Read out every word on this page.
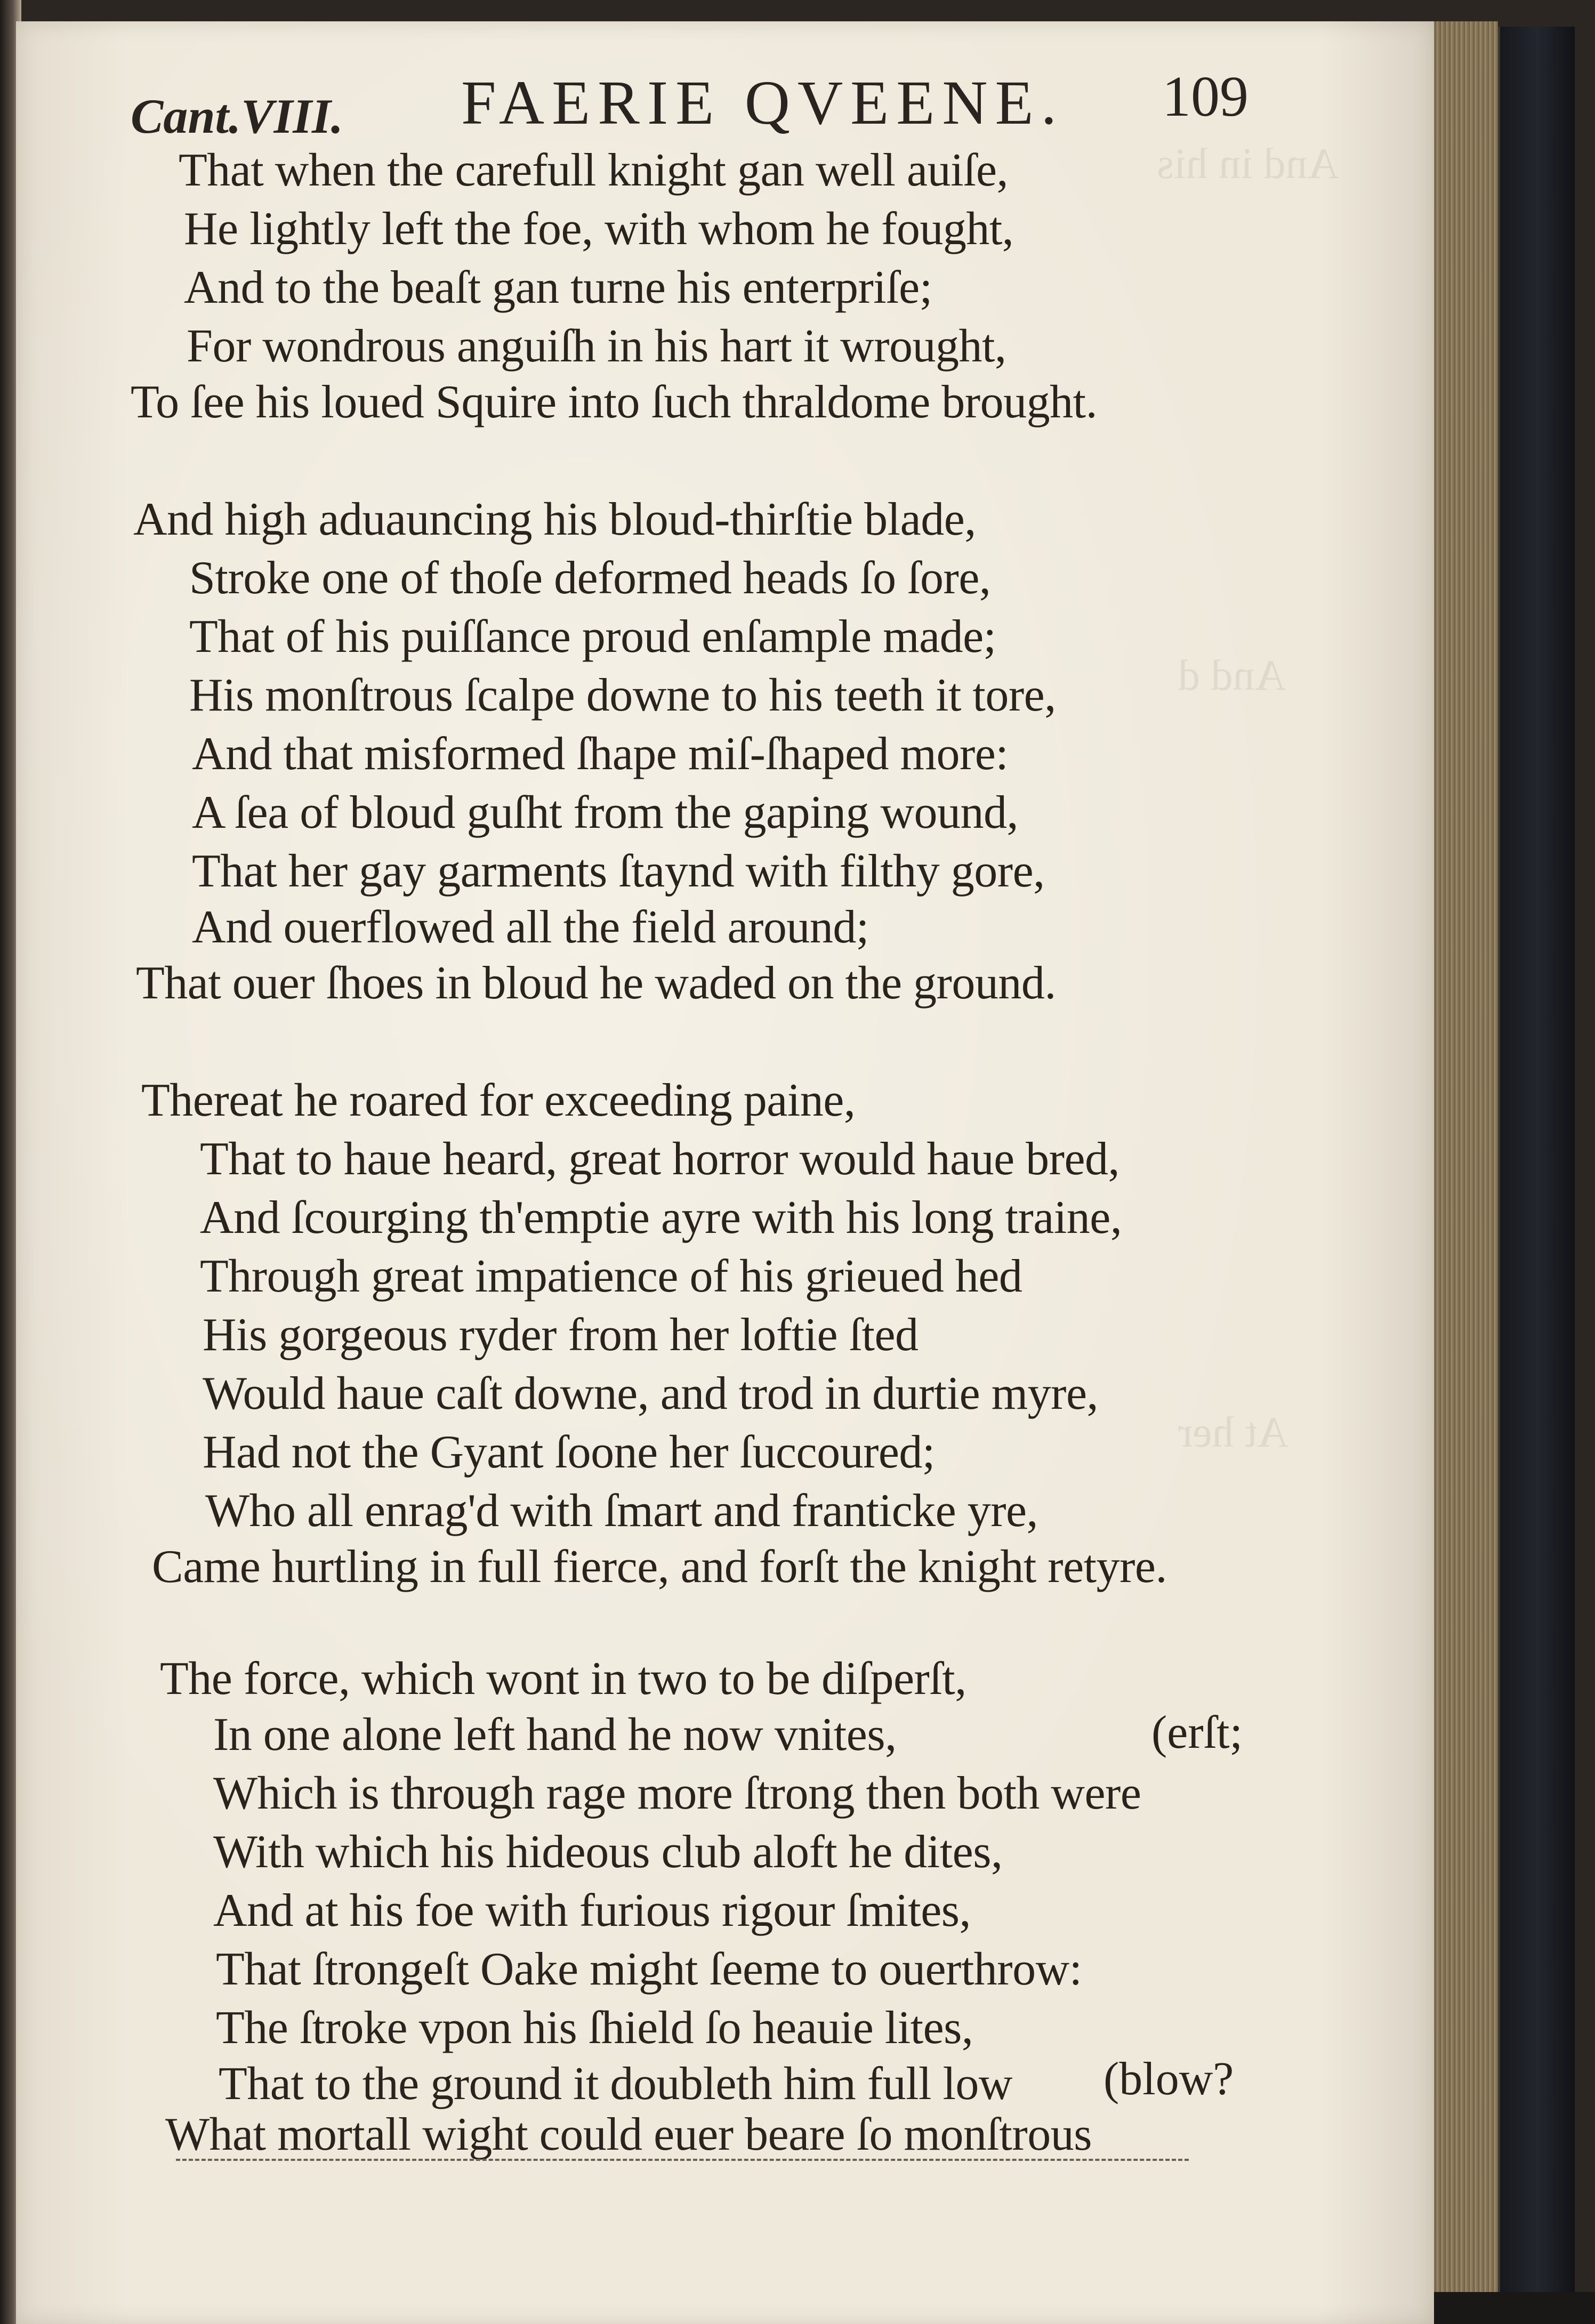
And in his
And d
At her
Cant.VIII. FAERIE QVEENE. 109
That when the carefull knight gan well auiſe,
He lightly left the foe, with whom he fought,
And to the beaſt gan turne his enterpriſe;
For wondrous anguiſh in his hart it wrought,
To ſee his loued Squire into ſuch thraldome brought.
And high aduauncing his bloud-thirſtie blade,
Stroke one of thoſe deformed heads ſo ſore,
That of his puiſſance proud enſample made;
His monſtrous ſcalpe downe to his teeth it tore,
And that misformed ſhape miſ-ſhaped more:
A ſea of bloud guſht from the gaping wound,
That her gay garments ſtaynd with filthy gore,
And ouerflowed all the field around;
That ouer ſhoes in bloud he waded on the ground.
Thereat he roared for exceeding paine,
That to haue heard, great horror would haue bred,
And ſcourging th'emptie ayre with his long traine,
Through great impatience of his grieued hed
His gorgeous ryder from her loftie ſted
Would haue caſt downe, and trod in durtie myre,
Had not the Gyant ſoone her ſuccoured;
Who all enrag'd with ſmart and franticke yre,
Came hurtling in full fierce, and forſt the knight retyre.
The force, which wont in two to be diſperſt,
In one alone left hand he now vnites,	(erſt;
Which is through rage more ſtrong then both were
With which his hideous club aloft he dites,
And at his foe with furious rigour ſmites,
That ſtrongeſt Oake might ſeeme to ouerthrow:
The ſtroke vpon his ſhield ſo heauie lites,
That to the ground it doubleth him full low (blow?
What mortall wight could euer beare ſo monſtrous
